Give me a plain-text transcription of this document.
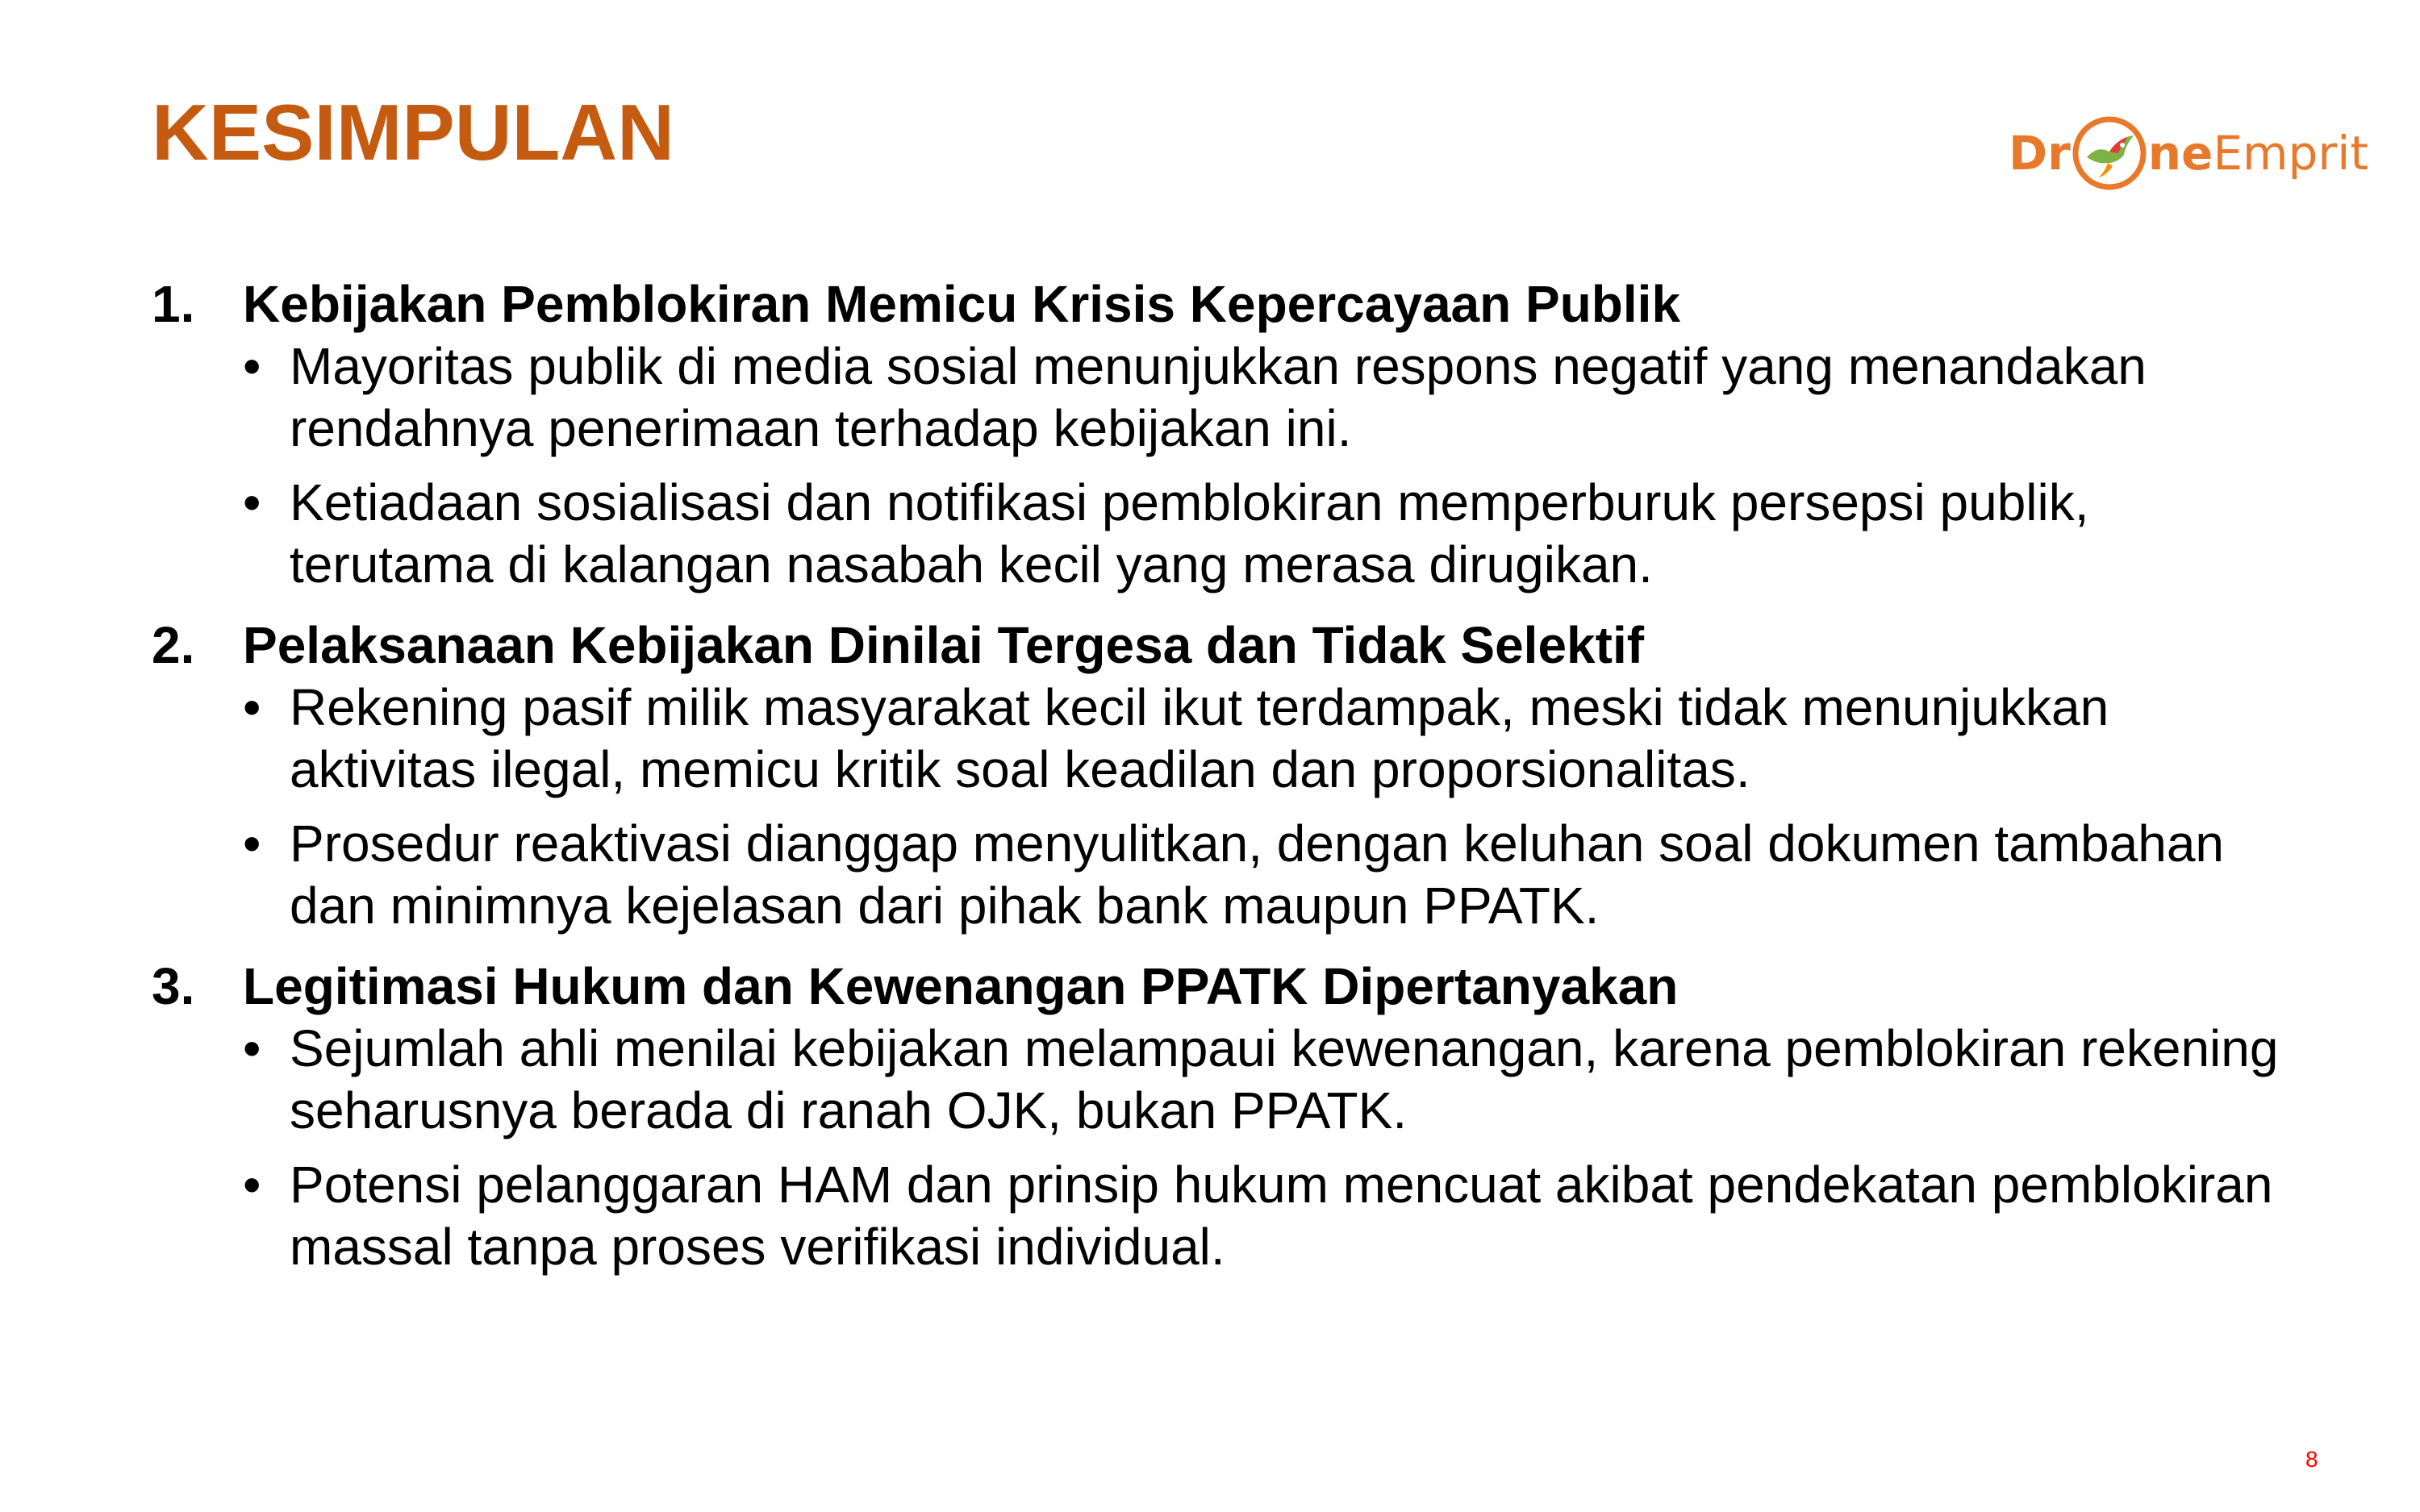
KESIMPULAN	Dr ne Emprit
1. Kebijakan Pemblokiran Memicu Krisis Kepercayaan Publik
• Mayoritas publik di media sosial menunjukkan respons negatif yang menandakan rendahnya penerimaan terhadap kebijakan ini.
• Ketiadaan sosialisasi dan notifikasi pemblokiran memperburuk persepsi publik, terutama di kalangan nasabah kecil yang merasa dirugikan.
2. Pelaksanaan Kebijakan Dinilai Tergesa dan Tidak Selektif
• Rekening pasif milik masyarakat kecil ikut terdampak, meski tidak menunjukkan aktivitas ilegal, memicu kritik soal keadilan dan proporsionalitas.
• Prosedur reaktivasi dianggap menyulitkan, dengan keluhan soal dokumen tambahan dan minimnya kejelasan dari pihak bank maupun PPATK.
3. Legitimasi Hukum dan Kewenangan PPATK Dipertanyakan
• Sejumlah ahli menilai kebijakan melampaui kewenangan, karena pemblokiran rekening seharusnya berada di ranah OJK, bukan PPATK.
• Potensi pelanggaran HAM dan prinsip hukum mencuat akibat pendekatan pemblokiran massal tanpa proses verifikasi individual.
8
